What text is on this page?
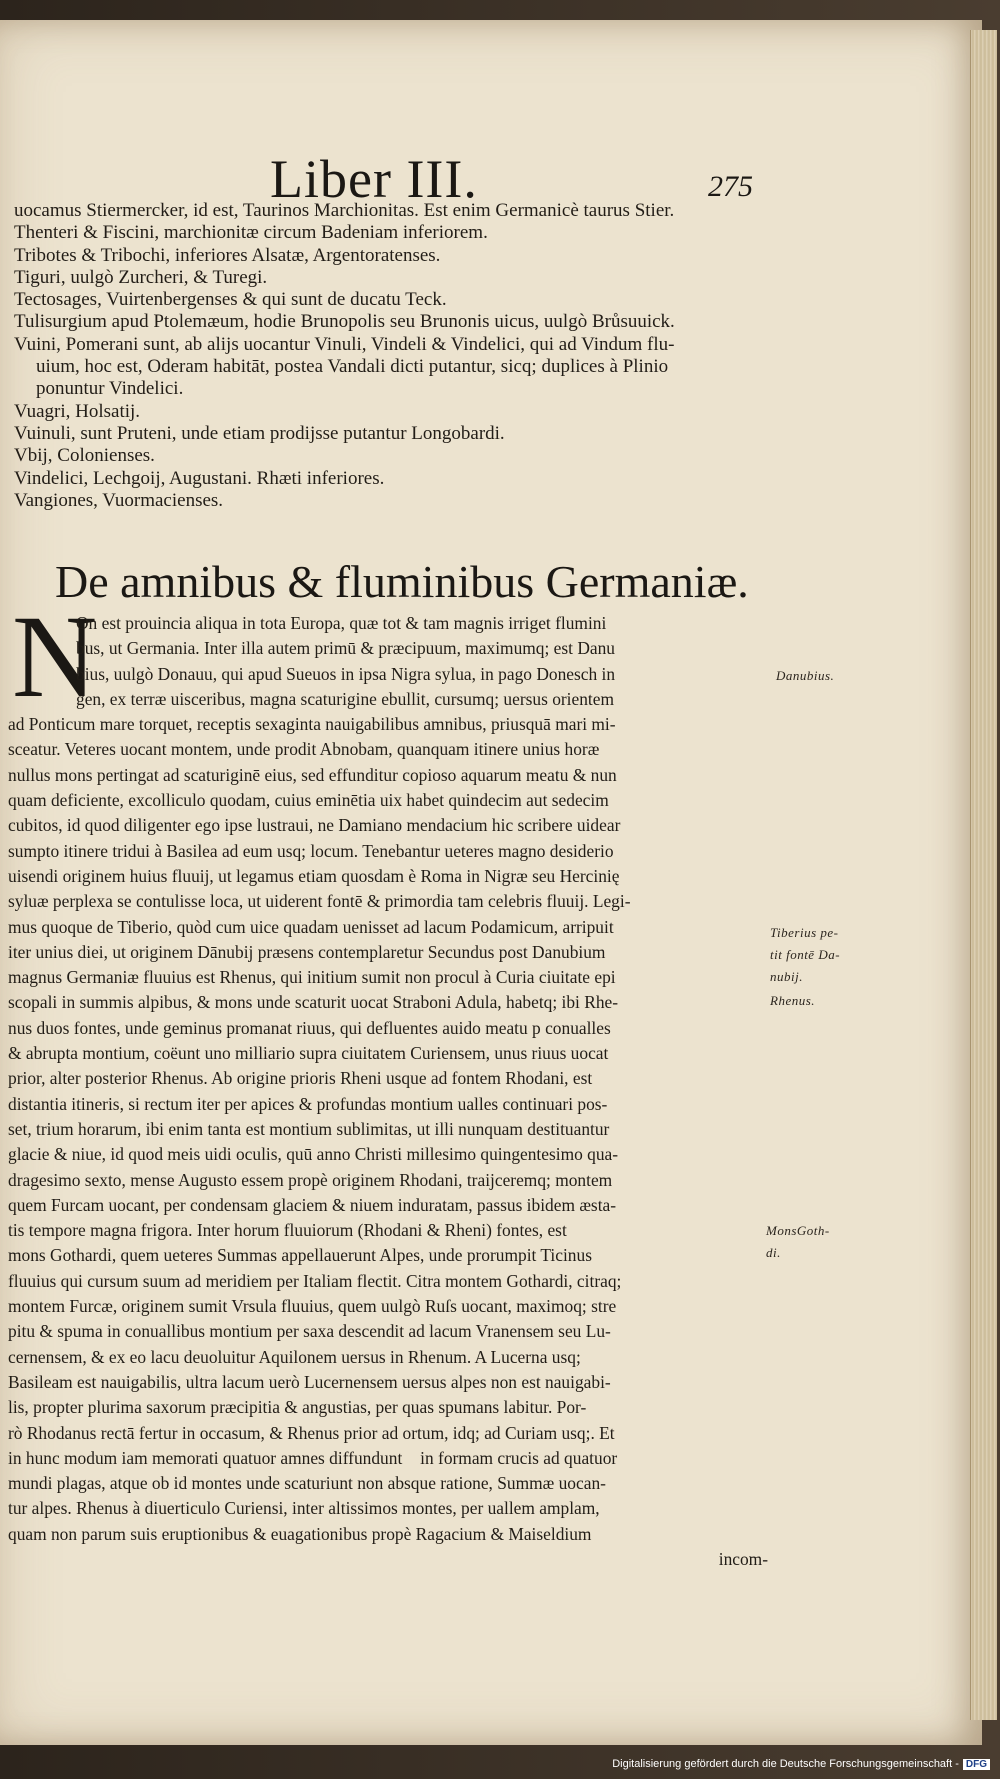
Liber III.	275
uocamus Stiermercker, id est, Taurinos Marchionitas. Est enim Germanicè taurus Stier.
Thenteri & Fiscini, marchionitæ circum Badeniam inferiorem.
Tribotes & Tribochi, inferiores Alsatæ, Argentoratenses.
Tiguri, uulgò Zurcheri, & Turegi.
Tectosages, Vuirtenbergenses & qui sunt de ducatu Teck.
Tulisurgium apud Ptolemæum, hodie Brunopolis seu Brunonis uicus, uulgò Brůsuuick.
Vuini, Pomerani sunt, ab alijs uocantur Vinuli, Vindeli & Vindelici, qui ad Vindum flu-
uium, hoc est, Oderam habitāt, postea Vandali dicti putantur, sicq; duplices à Plinio
ponuntur Vindelici.
Vuagri, Holsatij.
Vuinuli, sunt Pruteni, unde etiam prodijsse putantur Longobardi.
Vbij, Colonienses.
Vindelici, Lechgoij, Augustani. Rhæti inferiores.
Vangiones, Vuormacienses.
De amnibus & fluminibus Germaniæ.
N
On est prouincia aliqua in tota Europa, quæ tot & tam magnis irriget flumini
bus, ut Germania. Inter illa autem primū & præcipuum, maximumq; est Danu
bius, uulgò Donauu, qui apud Sueuos in ipsa Nigra sylua, in pago Donesch in
gen, ex terræ uisceribus, magna scaturigine ebullit, cursumq; uersus orientem
ad Ponticum mare torquet, receptis sexaginta nauigabilibus amnibus, priusquā mari mi-
sceatur. Veteres uocant montem, unde prodit Abnobam, quanquam itinere unius horæ
nullus mons pertingat ad scaturiginē eius, sed effunditur copioso aquarum meatu & nun
quam deficiente, excolliculo quodam, cuius eminētia uix habet quindecim aut sedecim
cubitos, id quod diligenter ego ipse lustraui, ne Damiano mendacium hic scribere uidear
sumpto itinere tridui à Basilea ad eum usq; locum. Tenebantur ueteres magno desiderio
uisendi originem huius fluuij, ut legamus etiam quosdam è Roma in Nigræ seu Hercinię
syluæ perplexa se contulisse loca, ut uiderent fontē & primordia tam celebris fluuij. Legi-
mus quoque de Tiberio, quòd cum uice quadam uenisset ad lacum Podamicum, arripuit
iter unius diei, ut originem Dānubij præsens contemplaretur Secundus post Danubium
magnus Germaniæ fluuius est Rhenus, qui initium sumit non procul à Curia ciuitate epi
scopali in summis alpibus, & mons unde scaturit uocat Straboni Adula, habetq; ibi Rhe-
nus duos fontes, unde geminus promanat riuus, qui defluentes auido meatu p conualles
& abrupta montium, coëunt uno milliario supra ciuitatem Curiensem, unus riuus uocat
prior, alter posterior Rhenus. Ab origine prioris Rheni usque ad fontem Rhodani, est
distantia itineris, si rectum iter per apices & profundas montium ualles continuari pos-
set, trium horarum, ibi enim tanta est montium sublimitas, ut illi nunquam destituantur
glacie & niue, id quod meis uidi oculis, quū anno Christi millesimo quingentesimo qua-
dragesimo sexto, mense Augusto essem propè originem Rhodani, traijceremq; montem
quem Furcam uocant, per condensam glaciem & niuem induratam, passus ibidem æsta-
tis tempore magna frigora. Inter horum fluuiorum (Rhodani & Rheni) fontes, est
mons Gothardi, quem ueteres Summas appellauerunt Alpes, unde prorumpit Ticinus
fluuius qui cursum suum ad meridiem per Italiam flectit. Citra montem Gothardi, citraq;
montem Furcæ, originem sumit Vrsula fluuius, quem uulgò Ruſs uocant, maximoq; stre
pitu & spuma in conuallibus montium per saxa descendit ad lacum Vranensem seu Lu-
cernensem, & ex eo lacu deuoluitur Aquilonem uersus in Rhenum. A Lucerna usq;
Basileam est nauigabilis, ultra lacum uerò Lucernensem uersus alpes non est nauigabi-
lis, propter plurima saxorum præcipitia & angustias, per quas spumans labitur. Por-
rò Rhodanus rectā fertur in occasum, & Rhenus prior ad ortum, idq; ad Curiam usq;. Et
in hunc modum iam memorati quatuor amnes diffunduntᷓ in formam crucis ad quatuor
mundi plagas, atque ob id montes unde scaturiunt non absque ratione, Summæ uocan-
tur alpes. Rhenus à diuerticulo Curiensi, inter altissimos montes, per uallem amplam,
quam non parum suis eruptionibus & euagationibus propè Ragacium & Maiseldium
incom-
Danubius.
Tiberius pe-
tit fontē Da-
nubij.
Rhenus.
MonsGoth-
di.
Digitalisierung gefördert durch die Deutsche Forschungsgemeinschaft - DFG
